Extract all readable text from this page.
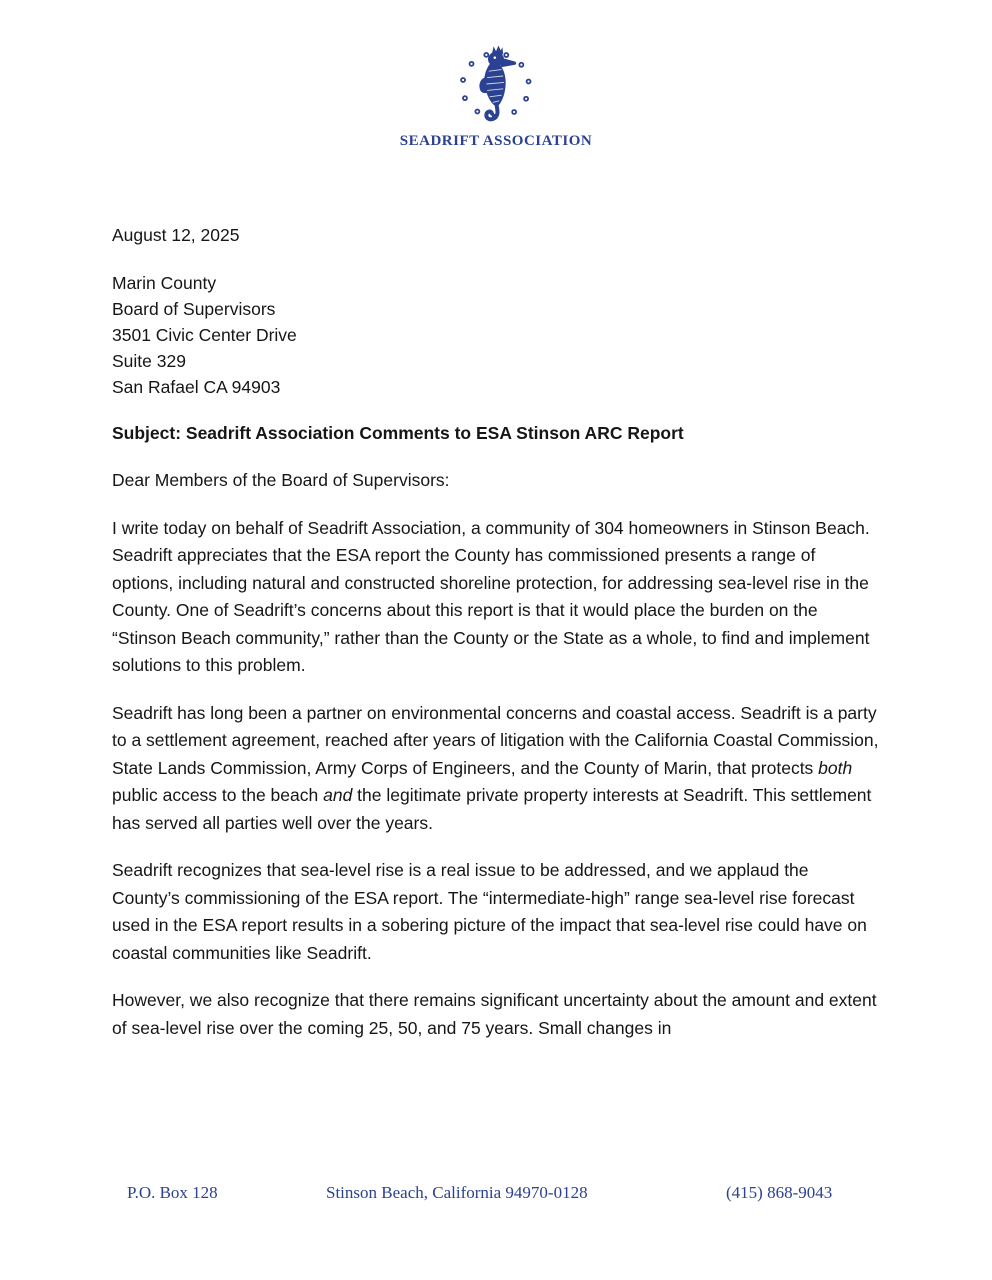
SEADRIFT ASSOCIATION

August 12, 2025

Marin County
Board of Supervisors
3501 Civic Center Drive
Suite 329
San Rafael CA 94903

Subject: Seadrift Association Comments to ESA Stinson ARC Report

Dear Members of the Board of Supervisors:

I write today on behalf of Seadrift Association, a community of 304 homeowners in Stinson Beach. Seadrift appreciates that the ESA report the County has commissioned presents a range of options, including natural and constructed shoreline protection, for addressing sea-level rise in the County. One of Seadrift’s concerns about this report is that it would place the burden on the “Stinson Beach community,” rather than the County or the State as a whole, to find and implement solutions to this problem.

Seadrift has long been a partner on environmental concerns and coastal access. Seadrift is a party to a settlement agreement, reached after years of litigation with the California Coastal Commission, State Lands Commission, Army Corps of Engineers, and the County of Marin, that protects both public access to the beach and the legitimate private property interests at Seadrift. This settlement has served all parties well over the years.

Seadrift recognizes that sea-level rise is a real issue to be addressed, and we applaud the County’s commissioning of the ESA report. The “intermediate-high” range sea-level rise forecast used in the ESA report results in a sobering picture of the impact that sea-level rise could have on coastal communities like Seadrift.

However, we also recognize that there remains significant uncertainty about the amount and extent of sea-level rise over the coming 25, 50, and 75 years. Small changes in

P.O. Box 128	Stinson Beach, California 94970-0128	(415) 868-9043
